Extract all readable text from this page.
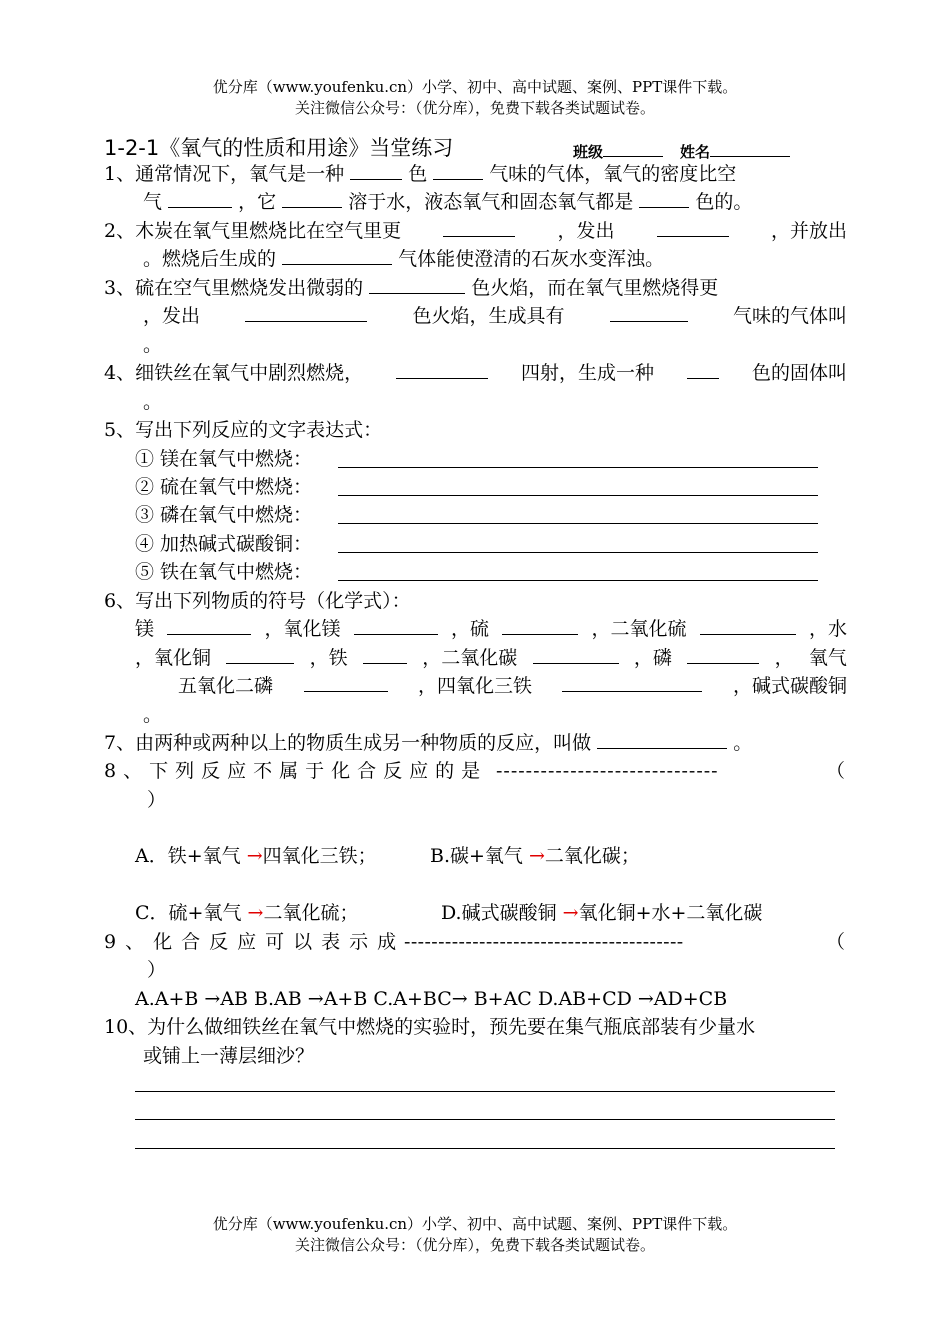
优分库（www.youfenku.cn）小学、初中、高中试题、案例、PPT课件下载。
关注微信公众号：（优分库），免费下载各类试题试卷。
1-2-1《氧气的性质和用途》当堂练习	班级	姓名
1、通常情况下，氧气是一种	色	气味的气体，氧气的密度比空
气	，它	溶于水，液态氧气和固态氧气都是	色的。
2、木炭在氧气里燃烧比在空气里更	，发出	，并放出
。燃烧后生成的	气体能使澄清的石灰水变浑浊。
3、硫在空气里燃烧发出微弱的	色火焰，而在氧气里燃烧得更
，发出	色火焰，生成具有	气味的气体叫
。
4、细铁丝在氧气中剧烈燃烧，	四射，生成一种	色的固体叫
。
5、写出下列反应的文字表达式：
① 镁在氧气中燃烧：
② 硫在氧气中燃烧：
③ 磷在氧气中燃烧：
④ 加热碱式碳酸铜：
⑤ 铁在氧气中燃烧：
6、写出下列物质的符号（化学式）：
镁	，氧化镁	，硫	，二氧化硫	，水
，氧化铜	，铁	，二氧化碳	，磷	， 氧气
五氧化二磷	，四氧化三铁	，碱式碳酸铜
。
7、由两种或两种以上的物质生成另一种物质的反应，叫做	。
8、下列反应不属于化合反应的是 ------------------------------	（
）
A．铁+氧气 →四氧化三铁；	B.碳+氧气 →二氧化碳；
C．硫+氧气 →二氧化硫；	D.碱式碳酸铜 →氧化铜+水+二氧化碳
9、化合反应可以表示成
-----------------------------------------	（
）
A.A+B →AB B.AB →A+B C.A+BC→ B+AC D.AB+CD →AD+CB
10、为什么做细铁丝在氧气中燃烧的实验时，预先要在集气瓶底部装有少量水
或铺上一薄层细沙？
优分库（www.youfenku.cn）小学、初中、高中试题、案例、PPT课件下载。
关注微信公众号：（优分库），免费下载各类试题试卷。
